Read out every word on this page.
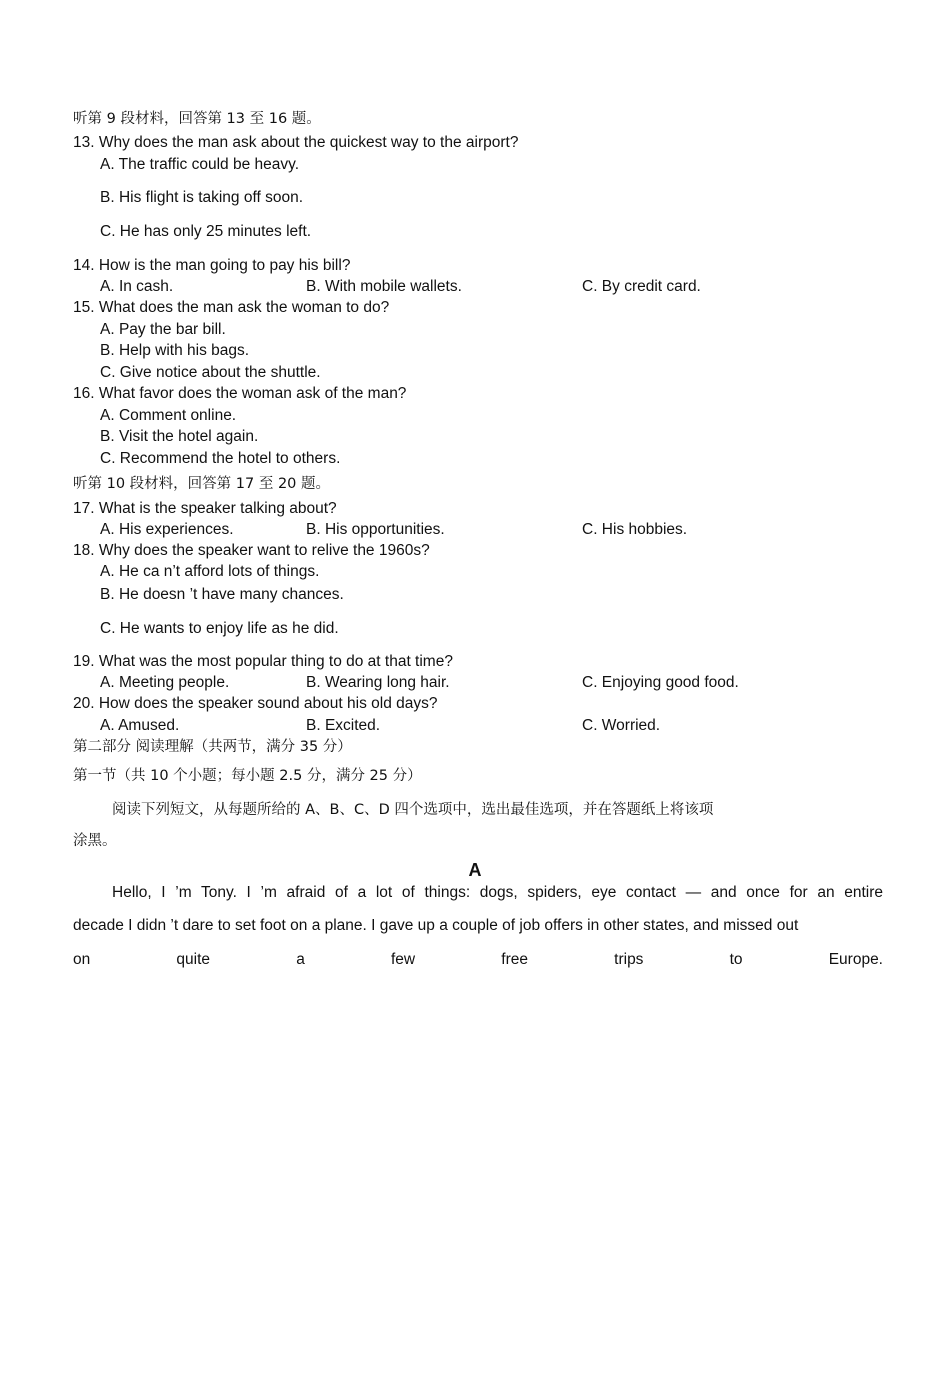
听第 9 段材料，回答第 13 至 16 题。
13. Why does the man ask about the quickest way to the airport?
A. The traffic could be heavy.
B. His flight is taking off soon.
C. He has only 25 minutes left.
14. How is the man going to pay his bill?
A. In cash.	B. With mobile wallets.	C. By credit card.
15. What does the man ask the woman to do?
A. Pay the bar bill.
B. Help with his bags.
C. Give notice about the shuttle.
16. What favor does the woman ask of the man?
A. Comment online.
B. Visit the hotel again.
C. Recommend the hotel to others.
听第 10 段材料，回答第 17 至 20 题。
17. What is the speaker talking about?
A. His experiences.	B. His opportunities.	C. His hobbies.
18. Why does the speaker want to relive the 1960s?
A. He ca n’t afford lots of things.
B. He doesn ’t have many chances.
C. He wants to enjoy life as he did.
19. What was the most popular thing to do at that time?
A. Meeting people.	B. Wearing long hair.	C. Enjoying good food.
20. How does the speaker sound about his old days?
A. Amused.	B. Excited.	C. Worried.
第二部分 阅读理解（共两节，满分 35 分）
第一节（共 10 个小题；每小题 2.5 分，满分 25 分）
阅读下列短文，从每题所给的 A、B、C、D 四个选项中，选出最佳选项，并在答题纸上将该项
涂黑。
A
Hello, I ’m Tony. I ’m afraid of a lot of things: dogs, spiders, eye contact — and once for an entire
decade I didn ’t dare to set foot on a plane. I gave up a couple of job offers in other states, and missed out
on quite a few free trips to Europe.
